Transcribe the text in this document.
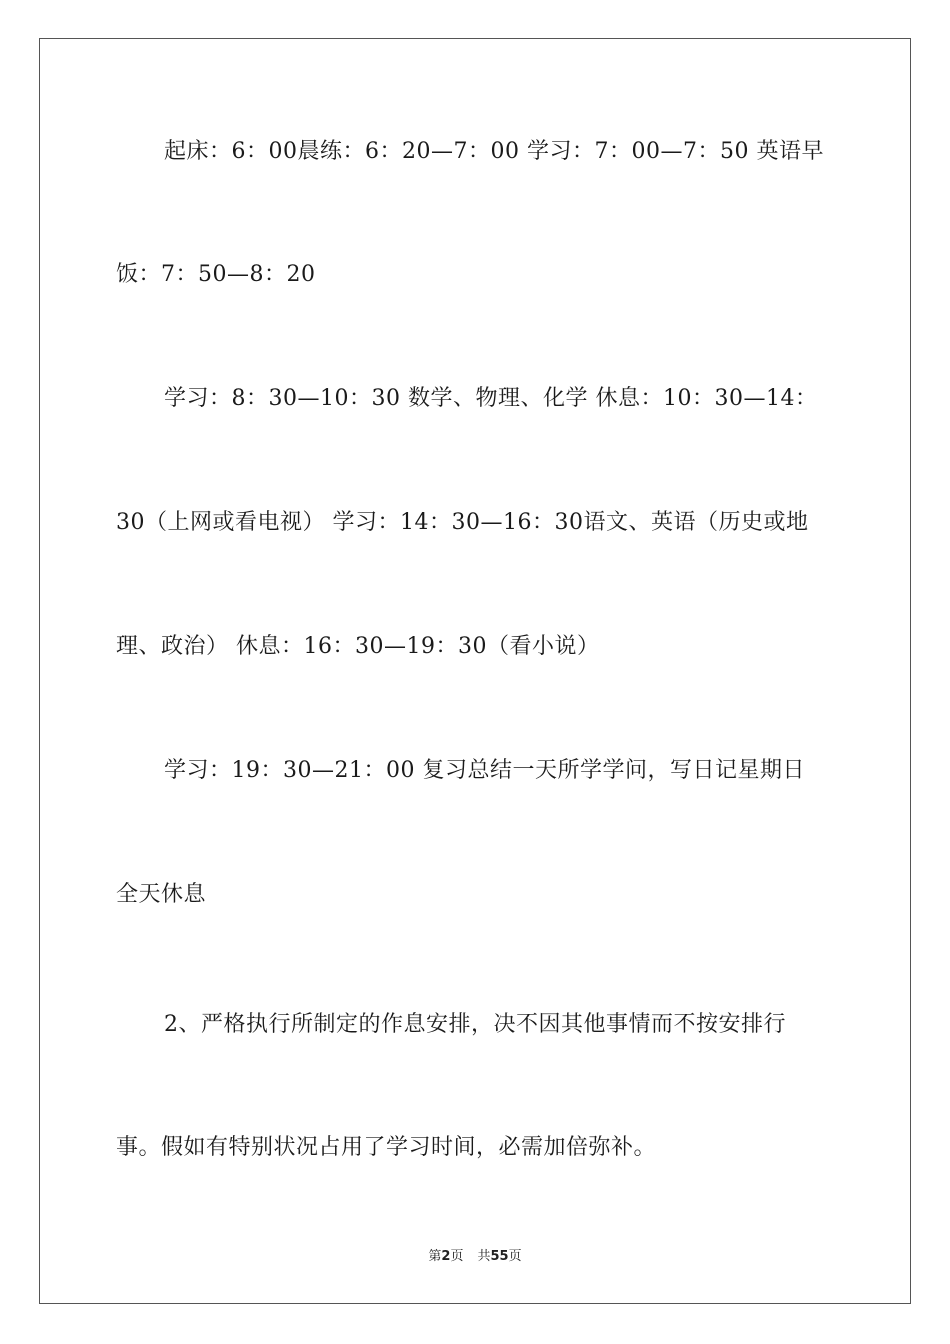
起床：6：00晨练：6：20—7：00 学习：7：00—7：50 英语早
饭：7：50—8：20
学习：8：30—10：30 数学、物理、化学 休息：10：30—14：
30（上网或看电视） 学习：14：30—16：30语文、英语（历史或地
理、政治） 休息：16：30—19：30（看小说）
学习：19：30—21：00 复习总结一天所学学问，写日记星期日
全天休息
2、严格执行所制定的作息安排，决不因其他事情而不按安排行
事。假如有特别状况占用了学习时间，必需加倍弥补。
第2页 共55页
